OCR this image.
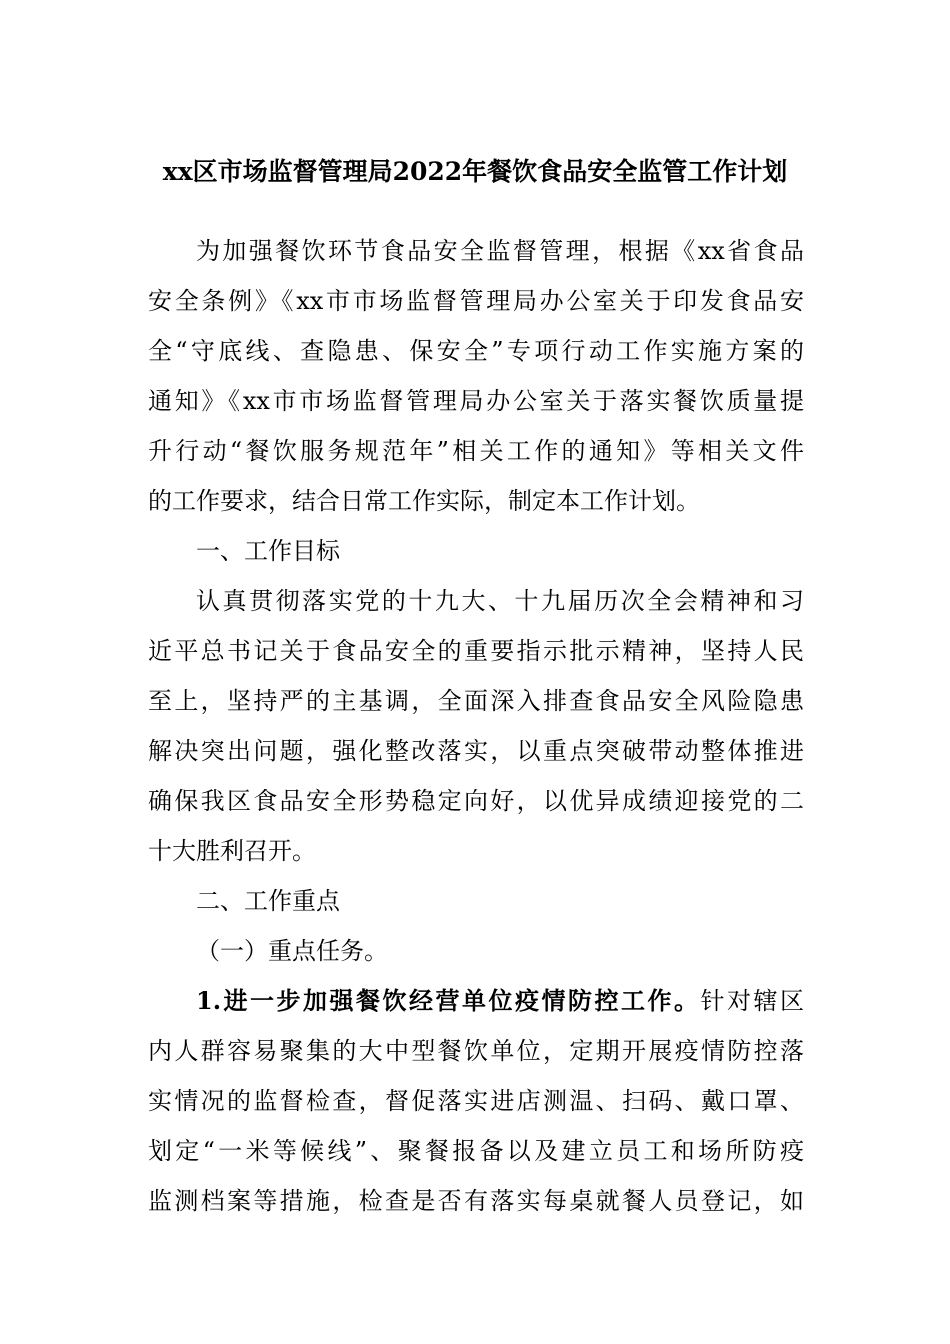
xx区市场监督管理局2022年餐饮食品安全监管工作计划
为加强餐饮环节食品安全监督管理，根据《xx省食品
安全条例》《xx市市场监督管理局办公室关于印发食品安
全“守底线、查隐患、保安全”专项行动工作实施方案的
通知》《xx市市场监督管理局办公室关于落实餐饮质量提
升行动“餐饮服务规范年”相关工作的通知》等相关文件
的工作要求，结合日常工作实际，制定本工作计划。
一、工作目标
认真贯彻落实党的十九大、十九届历次全会精神和习
近平总书记关于食品安全的重要指示批示精神，坚持人民
至上，坚持严的主基调，全面深入排查食品安全风险隐患
解决突出问题，强化整改落实，以重点突破带动整体推进
确保我区食品安全形势稳定向好，以优异成绩迎接党的二
十大胜利召开。
二、工作重点
（一）重点任务。
1.进一步加强餐饮经营单位疫情防控工作。针对辖区
内人群容易聚集的大中型餐饮单位，定期开展疫情防控落
实情况的监督检查，督促落实进店测温、扫码、戴口罩、
划定“一米等候线”、聚餐报备以及建立员工和场所防疫
监测档案等措施，检查是否有落实每桌就餐人员登记，如
